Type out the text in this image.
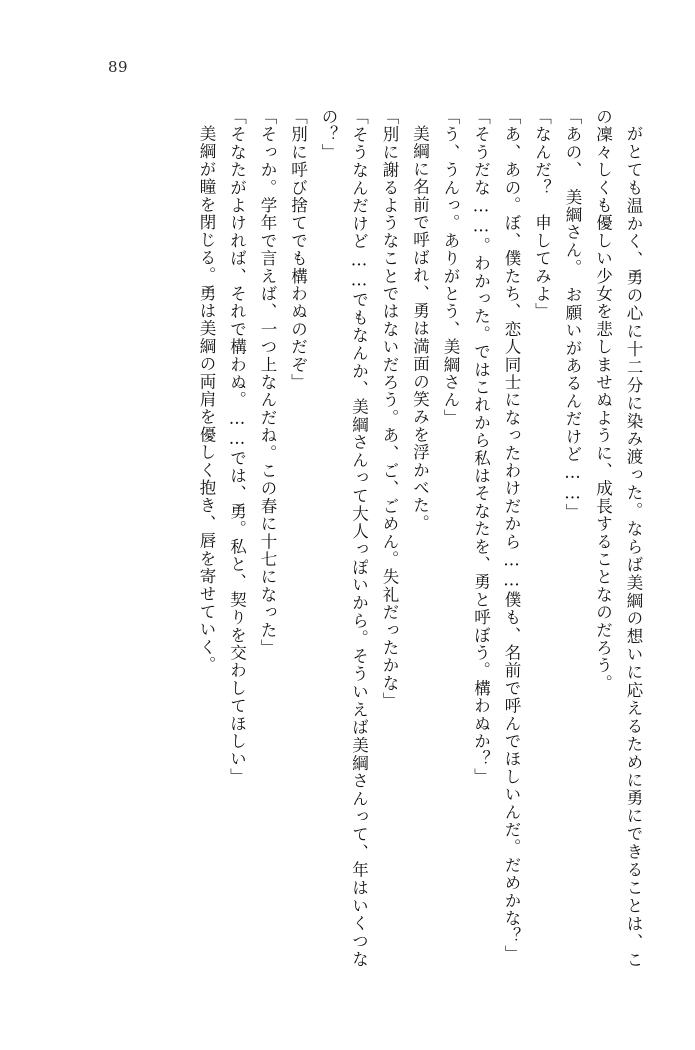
89

がとても温かく、勇の心に十二分に染み渡った。ならば美綱の想いに応えるために勇にできることは、この凜々しくも優しい少女を悲しませぬように、成長することなのだろう。

「あの、　美綱さん。　お願いがあるんだけど……」

「なんだ？　申してみよ」

「あ、あの。ぼ、僕たち、恋人同士になったわけだから……僕も、名前で呼んでほしいんだ。だめかな？」

「そうだな……。わかった。ではこれから私はそなたを、勇と呼ぼう。構わぬか？」

「う、うんっ。ありがとう、美綱さん」

美綱に名前で呼ばれ、勇は満面の笑みを浮かべた。

「別に謝るようなことではないだろう。あ、ご、ごめん。失礼だったかな」

「そうなんだけど……でもなんか、美綱さんって大人っぽいから。そういえば美綱さんって、年はいくつなの？」

「別に呼び捨てでも構わぬのだぞ」

「そっか。学年で言えば、一つ上なんだね。この春に十七になった」

「そなたがよければ、それで構わぬ。……では、勇。私と、契りを交わしてほしい」

美綱が瞳を閉じる。勇は美綱の両肩を優しく抱き、唇を寄せていく。
